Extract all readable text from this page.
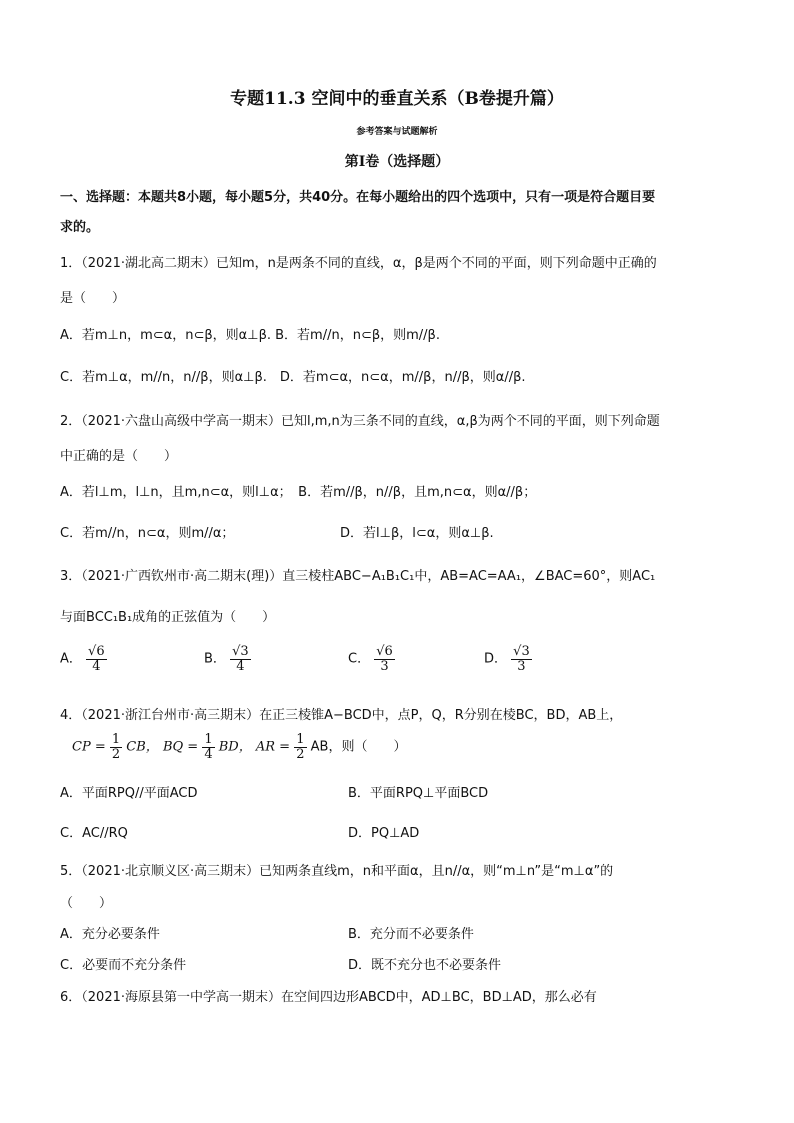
专题11.3 空间中的垂直关系（B卷提升篇）
参考答案与试题解析
第Ⅰ卷（选择题）
一、选择题：本题共8小题，每小题5分，共40分。在每小题给出的四个选项中，只有一项是符合题目要
求的。
1．（2021·湖北高二期末）已知m，n是两条不同的直线，α，β是两个不同的平面，则下列命题中正确的
是（　　）
A．若m⊥n，m⊂α，n⊂β，则α⊥β. B．若m//n，n⊂β，则m//β.
C．若m⊥α，m//n，n//β，则α⊥β.　D．若m⊂α，n⊂α，m//β，n//β，则α//β.
2．（2021·六盘山高级中学高一期末）已知l,m,n为三条不同的直线，α,β为两个不同的平面，则下列命题
中正确的是（　　）
A．若l⊥m，l⊥n，且m,n⊂α，则l⊥α；　B．若m//β，n//β，且m,n⊂α，则α//β；
C．若m//n，n⊂α，则m//α；	D．若l⊥β，l⊂α，则α⊥β.
3．（2021·广西钦州市·高二期末(理)）直三棱柱ABC−A₁B₁C₁中，AB=AC=AA₁，∠BAC=60°，则AC₁
与面BCC₁B₁成角的正弦值为（　　）
A． $\frac{√6}{4}$	B． $\frac{√3}{4}$	C． $\frac{√6}{3}$	D． $\frac{√3}{3}$
4．（2021·浙江台州市·高三期末）在正三棱锥A−BCD中，点P，Q，R分别在棱BC，BD，AB上，
CP = $\frac{1}{2}$ CB， BQ = $\frac{1}{4}$ BD， AR = $\frac{1}{2}$ AB，则（　　）
A．平面RPQ//平面ACD	B．平面RPQ⊥平面BCD
C．AC//RQ	D．PQ⊥AD
5．（2021·北京顺义区·高三期末）已知两条直线m，n和平面α，且n//α，则“m⊥n”是“m⊥α”的
（　　）
A．充分必要条件	B．充分而不必要条件
C．必要而不充分条件	D．既不充分也不必要条件
6．（2021·海原县第一中学高一期末）在空间四边形ABCD中，AD⊥BC，BD⊥AD，那么必有
